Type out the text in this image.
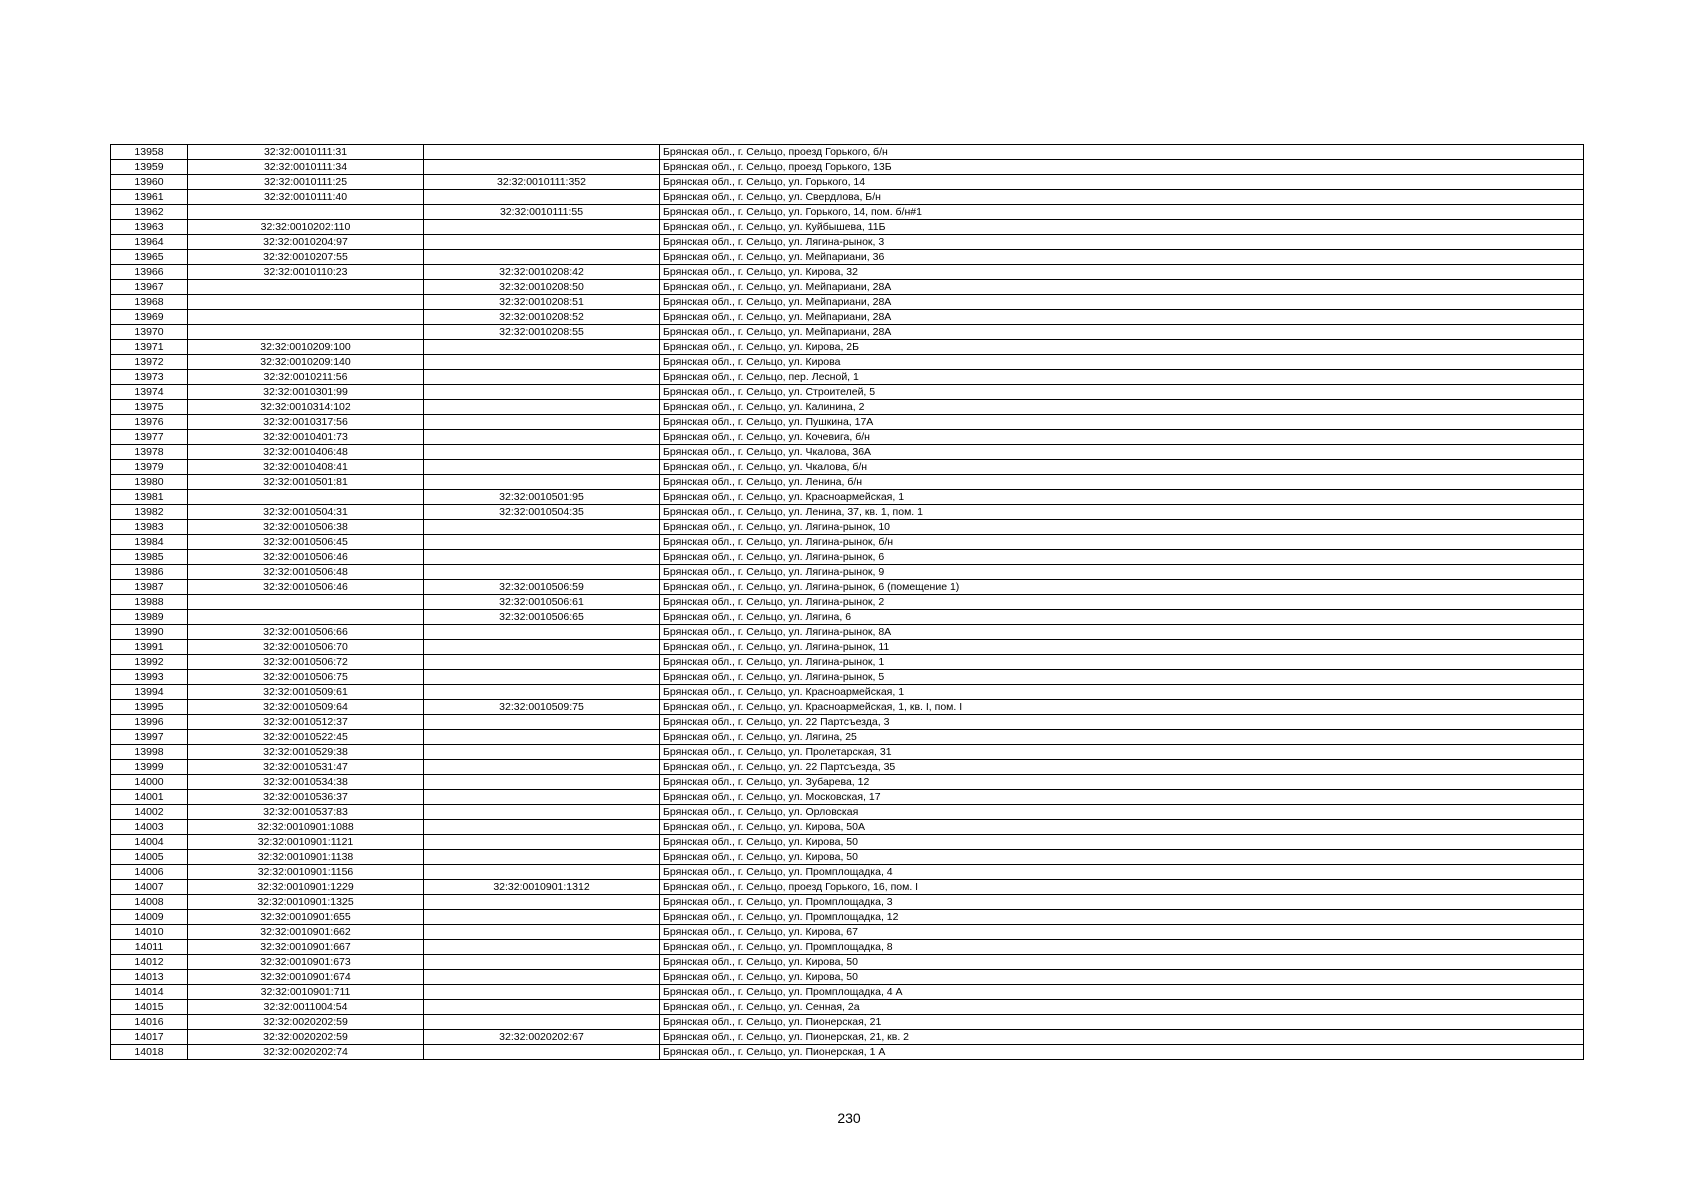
13958	32:32:0010111:31		Брянская обл., г. Сельцо, проезд Горького, б/н
13959	32:32:0010111:34		Брянская обл., г. Сельцо, проезд Горького, 13Б
13960	32:32:0010111:25	32:32:0010111:352	Брянская обл., г. Сельцо, ул. Горького, 14
13961	32:32:0010111:40		Брянская обл., г. Сельцо, ул. Свердлова, Б/н
13962		32:32:0010111:55	Брянская обл., г. Сельцо, ул. Горького, 14, пом. б/н#1
13963	32:32:0010202:110		Брянская обл., г. Сельцо, ул. Куйбышева, 11Б
13964	32:32:0010204:97		Брянская обл., г. Сельцо, ул. Лягина-рынок, 3
13965	32:32:0010207:55		Брянская обл., г. Сельцо, ул. Мейпариани, 36
13966	32:32:0010110:23	32:32:0010208:42	Брянская обл., г. Сельцо, ул. Кирова, 32
13967		32:32:0010208:50	Брянская обл., г. Сельцо, ул. Мейпариани, 28А
13968		32:32:0010208:51	Брянская обл., г. Сельцо, ул. Мейпариани, 28А
13969		32:32:0010208:52	Брянская обл., г. Сельцо, ул. Мейпариани, 28А
13970		32:32:0010208:55	Брянская обл., г. Сельцо, ул. Мейпариани, 28А
13971	32:32:0010209:100		Брянская обл., г. Сельцо, ул. Кирова, 2Б
13972	32:32:0010209:140		Брянская обл., г. Сельцо, ул. Кирова
13973	32:32:0010211:56		Брянская обл., г. Сельцо, пер. Лесной, 1
13974	32:32:0010301:99		Брянская обл., г. Сельцо, ул. Строителей, 5
13975	32:32:0010314:102		Брянская обл., г. Сельцо, ул. Калинина, 2
13976	32:32:0010317:56		Брянская обл., г. Сельцо, ул. Пушкина, 17А
13977	32:32:0010401:73		Брянская обл., г. Сельцо, ул. Кочевига, б/н
13978	32:32:0010406:48		Брянская обл., г. Сельцо, ул. Чкалова, 36А
13979	32:32:0010408:41		Брянская обл., г. Сельцо, ул. Чкалова, б/н
13980	32:32:0010501:81		Брянская обл., г. Сельцо, ул. Ленина, б/н
13981		32:32:0010501:95	Брянская обл., г. Сельцо, ул. Красноармейская, 1
13982	32:32:0010504:31	32:32:0010504:35	Брянская обл., г. Сельцо, ул. Ленина, 37, кв. 1, пом. 1
13983	32:32:0010506:38		Брянская обл., г. Сельцо, ул. Лягина-рынок, 10
13984	32:32:0010506:45		Брянская обл., г. Сельцо, ул. Лягина-рынок, б/н
13985	32:32:0010506:46		Брянская обл., г. Сельцо, ул. Лягина-рынок, 6
13986	32:32:0010506:48		Брянская обл., г. Сельцо, ул. Лягина-рынок, 9
13987	32:32:0010506:46	32:32:0010506:59	Брянская обл., г. Сельцо, ул. Лягина-рынок, 6 (помещение 1)
13988		32:32:0010506:61	Брянская обл., г. Сельцо, ул. Лягина-рынок, 2
13989		32:32:0010506:65	Брянская обл., г. Сельцо, ул. Лягина, 6
13990	32:32:0010506:66		Брянская обл., г. Сельцо, ул. Лягина-рынок, 8А
13991	32:32:0010506:70		Брянская обл., г. Сельцо, ул. Лягина-рынок, 11
13992	32:32:0010506:72		Брянская обл., г. Сельцо, ул. Лягина-рынок, 1
13993	32:32:0010506:75		Брянская обл., г. Сельцо, ул. Лягина-рынок, 5
13994	32:32:0010509:61		Брянская обл., г. Сельцо, ул. Красноармейская, 1
13995	32:32:0010509:64	32:32:0010509:75	Брянская обл., г. Сельцо, ул. Красноармейская, 1, кв. I, пом. I
13996	32:32:0010512:37		Брянская обл., г. Сельцо, ул. 22 Партсъезда, 3
13997	32:32:0010522:45		Брянская обл., г. Сельцо, ул. Лягина, 25
13998	32:32:0010529:38		Брянская обл., г. Сельцо, ул. Пролетарская, 31
13999	32:32:0010531:47		Брянская обл., г. Сельцо, ул. 22 Партсъезда, 35
14000	32:32:0010534:38		Брянская обл., г. Сельцо, ул. Зубарева, 12
14001	32:32:0010536:37		Брянская обл., г. Сельцо, ул. Московская, 17
14002	32:32:0010537:83		Брянская обл., г. Сельцо, ул. Орловская
14003	32:32:0010901:1088		Брянская обл., г. Сельцо, ул. Кирова, 50А
14004	32:32:0010901:1121		Брянская обл., г. Сельцо, ул. Кирова, 50
14005	32:32:0010901:1138		Брянская обл., г. Сельцо, ул. Кирова, 50
14006	32:32:0010901:1156		Брянская обл., г. Сельцо, ул. Промплощадка, 4
14007	32:32:0010901:1229	32:32:0010901:1312	Брянская обл., г. Сельцо, проезд Горького, 16, пом. I
14008	32:32:0010901:1325		Брянская обл., г. Сельцо, ул. Промплощадка, 3
14009	32:32:0010901:655		Брянская обл., г. Сельцо, ул. Промплощадка, 12
14010	32:32:0010901:662		Брянская обл., г. Сельцо, ул. Кирова, 67
14011	32:32:0010901:667		Брянская обл., г. Сельцо, ул. Промплощадка, 8
14012	32:32:0010901:673		Брянская обл., г. Сельцо, ул. Кирова, 50
14013	32:32:0010901:674		Брянская обл., г. Сельцо, ул. Кирова, 50
14014	32:32:0010901:711		Брянская обл., г. Сельцо, ул. Промплощадка, 4 А
14015	32:32:0011004:54		Брянская обл., г. Сельцо, ул. Сенная, 2а
14016	32:32:0020202:59		Брянская обл., г. Сельцо, ул. Пионерская, 21
14017	32:32:0020202:59	32:32:0020202:67	Брянская обл., г. Сельцо, ул. Пионерская, 21, кв. 2
14018	32:32:0020202:74		Брянская обл., г. Сельцо, ул. Пионерская, 1 А
230
